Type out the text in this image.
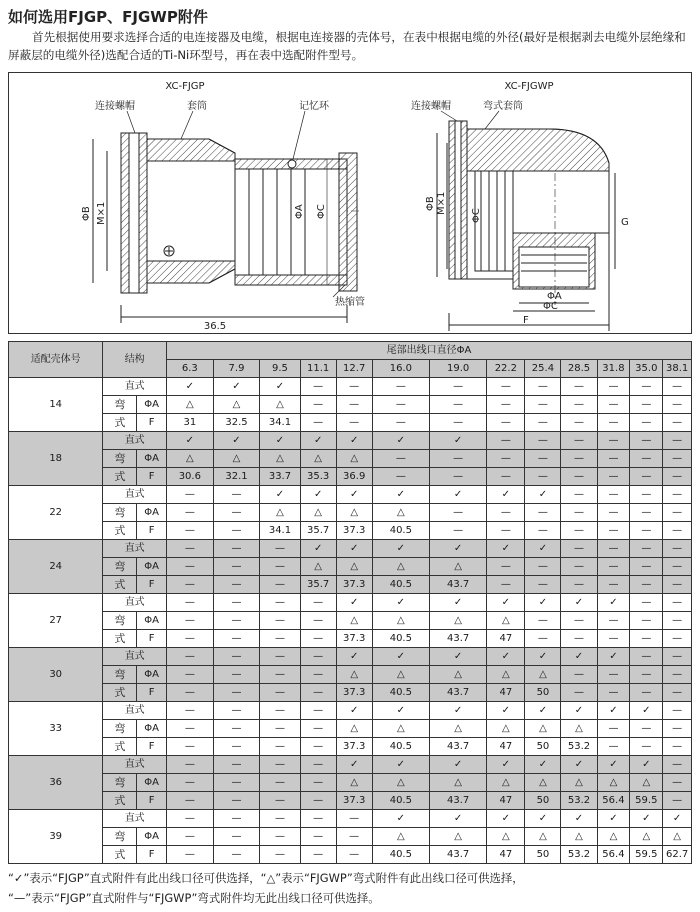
如何选用FJGP、FJGWP附件
首先根据使用要求选择合适的电连接器及电缆，根据电连接器的壳体号，在表中根据电缆的外径(最好是根据剥去电缆外层绝缘和屏蔽层的电缆外径)选配合适的Ti-Ni环型号，再在表中选配附件型号。
XC-FJGP
连接螺帽	套筒	记忆环
热缩管
ΦB M×1	ΦA ΦC
36.5
XC-FJGWP
连接螺帽	弯式套筒
ΦB M×1
ΦC	G
ΦA
ΦC
F
适配壳体号	结构		尾部出线口直径ΦA												
			6.3	7.9	9.5	11.1	12.7	16.0	19.0	22.2	25.4	28.5	31.8	35.0	38.1
14	直式		✓	✓	✓	—	—	—	—	—	—	—	—	—	—
	弯	ΦA	△	△	△	—	—	—	—	—	—	—	—	—	—
	式	F	31	32.5	34.1	—	—	—	—	—	—	—	—	—	—
18	直式		✓	✓	✓	✓	✓	✓	✓	—	—	—	—	—	—
	弯	ΦA	△	△	△	△	△	—	—	—	—	—	—	—	—
	式	F	30.6	32.1	33.7	35.3	36.9	—	—	—	—	—	—	—	—
22	直式		—	—	✓	✓	✓	✓	✓	✓	✓	—	—	—	—
	弯	ΦA	—	—	△	△	△	△	—	—	—	—	—	—	—
	式	F	—	—	34.1	35.7	37.3	40.5	—	—	—	—	—	—	—
24	直式		—	—	—	✓	✓	✓	✓	✓	✓	—	—	—	—
	弯	ΦA	—	—	—	△	△	△	△	—	—	—	—	—	—
	式	F	—	—	—	35.7	37.3	40.5	43.7	—	—	—	—	—	—
27	直式		—	—	—	—	✓	✓	✓	✓	✓	✓	✓	—	—
	弯	ΦA	—	—	—	—	△	△	△	△	—	—	—	—	—
	式	F	—	—	—	—	37.3	40.5	43.7	47	—	—	—	—	—
30	直式		—	—	—	—	✓	✓	✓	✓	✓	✓	✓	—	—
	弯	ΦA	—	—	—	—	△	△	△	△	△	—	—	—	—
	式	F	—	—	—	—	37.3	40.5	43.7	47	50	—	—	—	—
33	直式		—	—	—	—	✓	✓	✓	✓	✓	✓	✓	✓	—
	弯	ΦA	—	—	—	—	△	△	△	△	△	△	—	—	—
	式	F	—	—	—	—	37.3	40.5	43.7	47	50	53.2	—	—	—
36	直式		—	—	—	—	✓	✓	✓	✓	✓	✓	✓	✓	—
	弯	ΦA	—	—	—	—	△	△	△	△	△	△	△	△	—
	式	F	—	—	—	—	37.3	40.5	43.7	47	50	53.2	56.4	59.5	—
39	直式		—	—	—	—	—	✓	✓	✓	✓	✓	✓	✓	✓
	弯	ΦA	—	—	—	—	—	△	△	△	△	△	△	△	△
	式	F	—	—	—	—	—	40.5	43.7	47	50	53.2	56.4	59.5	62.7
“✓”表示“FJGP”直式附件有此出线口径可供选择，“△”表示“FJGWP”弯式附件有此出线口径可供选择，
“—”表示“FJGP”直式附件与“FJGWP”弯式附件均无此出线口径可供选择。
